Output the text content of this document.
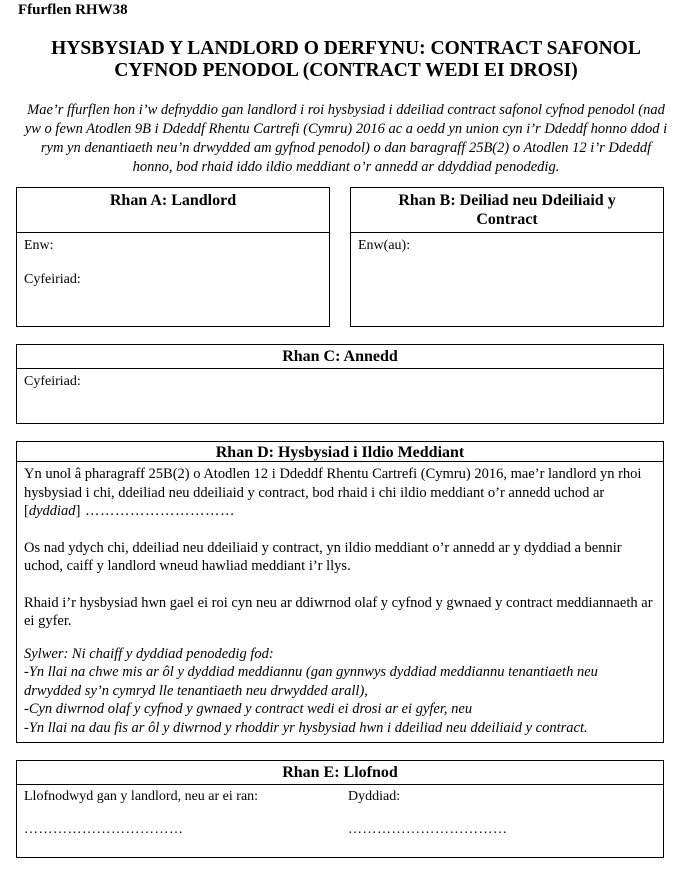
Ffurflen RHW38
HYSBYSIAD Y LANDLORD O DERFYNU: CONTRACT SAFONOL
CYFNOD PENODOL (CONTRACT WEDI EI DROSI)
Mae’r ffurflen hon i’w defnyddio gan landlord i roi hysbysiad i ddeiliad contract safonol cyfnod penodol (nad yw o fewn Atodlen 9B i Ddeddf Rhentu Cartrefi (Cymru) 2016 ac a oedd yn union cyn i’r Ddeddf honno ddod i rym yn denantiaeth neu’n drwydded am gyfnod penodol) o dan baragraff 25B(2) o Atodlen 12 i’r Ddeddf honno, bod rhaid iddo ildio meddiant o’r annedd ar ddyddiad penodedig.
Rhan A: Landlord
Enw:
Cyfeiriad:
Rhan B: Deiliad neu Ddeiliaid y Contract
Enw(au):
Rhan C: Annedd
Cyfeiriad:
Rhan D: Hysbysiad i Ildio Meddiant

Yn unol â pharagraff 25B(2) o Atodlen 12 i Ddeddf Rhentu Cartrefi (Cymru) 2016, mae’r landlord yn rhoi hysbysiad i chi, ddeiliad neu ddeiliaid y contract, bod rhaid i chi ildio meddiant o’r annedd uchod ar [dyddiad] …………………………

Os nad ydych chi, ddeiliad neu ddeiliaid y contract, yn ildio meddiant o’r annedd ar y dyddiad a bennir uchod, caiff y landlord wneud hawliad meddiant i’r llys.

Rhaid i’r hysbysiad hwn gael ei roi cyn neu ar ddiwrnod olaf y cyfnod y gwnaed y contract meddiannaeth ar ei gyfer.

Sylwer: Ni chaiff y dyddiad penodedig fod:
-Yn llai na chwe mis ar ôl y dyddiad meddiannu (gan gynnwys dyddiad meddiannu tenantiaeth neu drwydded sy’n cymryd lle tenantiaeth neu drwydded arall),
-Cyn diwrnod olaf y cyfnod y gwnaed y contract wedi ei drosi ar ei gyfer, neu
-Yn llai na dau fis ar ôl y diwrnod y rhoddir yr hysbysiad hwn i ddeiliad neu ddeiliaid y contract.
Rhan E: Llofnod
Llofnodwyd gan y landlord, neu ar ei ran:	Dyddiad:
……………………………	……………………………
